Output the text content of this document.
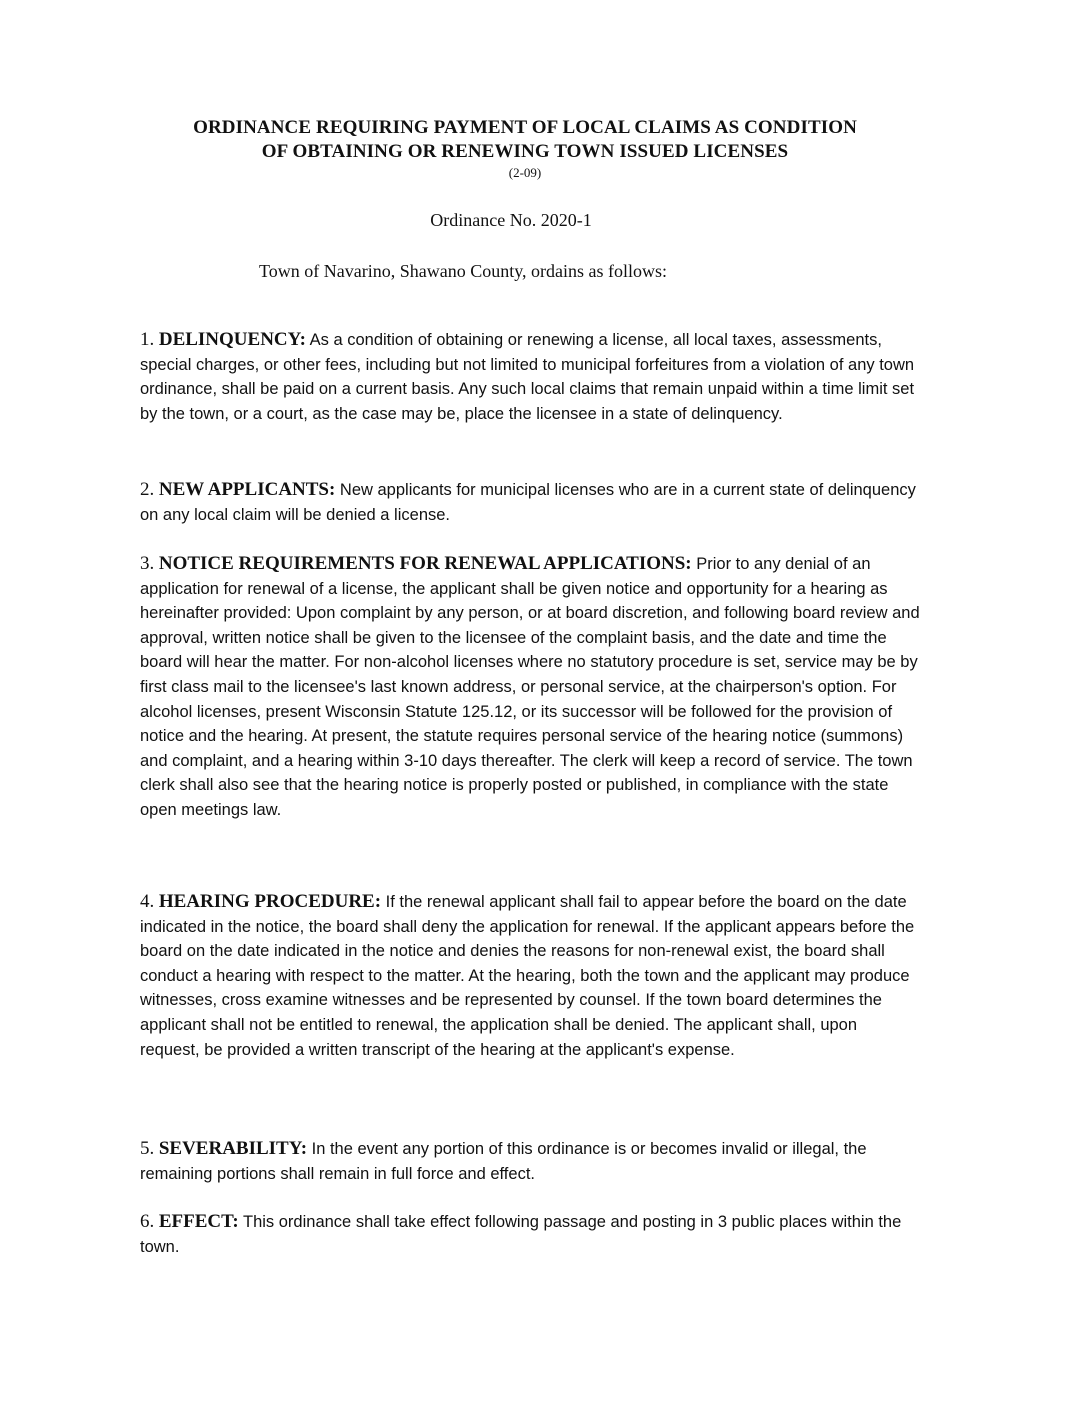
ORDINANCE REQUIRING PAYMENT OF LOCAL CLAIMS AS CONDITION
OF OBTAINING OR RENEWING TOWN ISSUED LICENSES
(2-09)
Ordinance No. 2020-1
Town of Navarino, Shawano County, ordains as follows:
1. DELINQUENCY: As a condition of obtaining or renewing a license, all local taxes, assessments, special charges, or other fees, including but not limited to municipal forfeitures from a violation of any town ordinance, shall be paid on a current basis. Any such local claims that remain unpaid within a time limit set by the town, or a court, as the case may be, place the licensee in a state of delinquency.
2. NEW APPLICANTS: New applicants for municipal licenses who are in a current state of delinquency on any local claim will be denied a license.
3. NOTICE REQUIREMENTS FOR RENEWAL APPLICATIONS: Prior to any denial of an application for renewal of a license, the applicant shall be given notice and opportunity for a hearing as hereinafter provided: Upon complaint by any person, or at board discretion, and following board review and approval, written notice shall be given to the licensee of the complaint basis, and the date and time the board will hear the matter. For non-alcohol licenses where no statutory procedure is set, service may be by first class mail to the licensee's last known address, or personal service, at the chairperson's option. For alcohol licenses, present Wisconsin Statute 125.12, or its successor will be followed for the provision of notice and the hearing. At present, the statute requires personal service of the hearing notice (summons) and complaint, and a hearing within 3-10 days thereafter. The clerk will keep a record of service. The town clerk shall also see that the hearing notice is properly posted or published, in compliance with the state open meetings law.
4. HEARING PROCEDURE: If the renewal applicant shall fail to appear before the board on the date indicated in the notice, the board shall deny the application for renewal. If the applicant appears before the board on the date indicated in the notice and denies the reasons for non-renewal exist, the board shall conduct a hearing with respect to the matter. At the hearing, both the town and the applicant may produce witnesses, cross examine witnesses and be represented by counsel. If the town board determines the applicant shall not be entitled to renewal, the application shall be denied. The applicant shall, upon request, be provided a written transcript of the hearing at the applicant's expense.
5. SEVERABILITY: In the event any portion of this ordinance is or becomes invalid or illegal, the remaining portions shall remain in full force and effect.
6. EFFECT: This ordinance shall take effect following passage and posting in 3 public places within the town.
